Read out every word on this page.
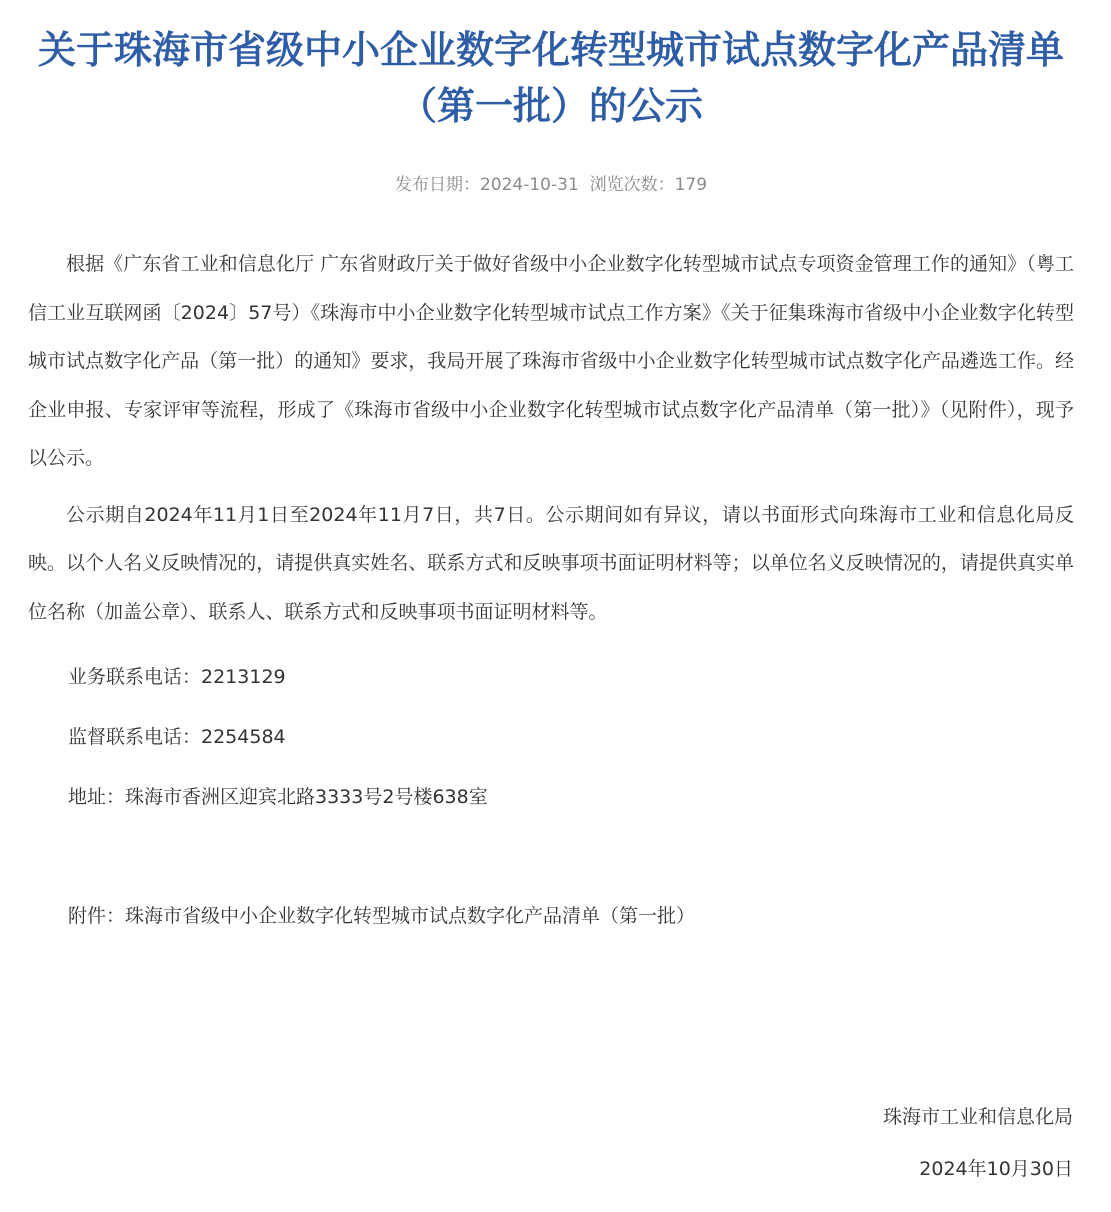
关于珠海市省级中小企业数字化转型城市试点数字化产品清单（第一批）的公示
发布日期：2024-10-31 浏览次数：179

根据《广东省工业和信息化厅 广东省财政厅关于做好省级中小企业数字化转型城市试点专项资金管理工作的通知》（粤工信工业互联网函〔2024〕57号）《珠海市中小企业数字化转型城市试点工作方案》《关于征集珠海市省级中小企业数字化转型城市试点数字化产品（第一批）的通知》要求，我局开展了珠海市省级中小企业数字化转型城市试点数字化产品遴选工作。经企业申报、专家评审等流程，形成了《珠海市省级中小企业数字化转型城市试点数字化产品清单（第一批）》（见附件），现予以公示。

公示期自2024年11月1日至2024年11月7日，共7日。公示期间如有异议，请以书面形式向珠海市工业和信息化局反映。以个人名义反映情况的，请提供真实姓名、联系方式和反映事项书面证明材料等；以单位名义反映情况的，请提供真实单位名称（加盖公章）、联系人、联系方式和反映事项书面证明材料等。

业务联系电话：2213129

监督联系电话：2254584

地址：珠海市香洲区迎宾北路3333号2号楼638室

附件：珠海市省级中小企业数字化转型城市试点数字化产品清单（第一批）

珠海市工业和信息化局
2024年10月30日
